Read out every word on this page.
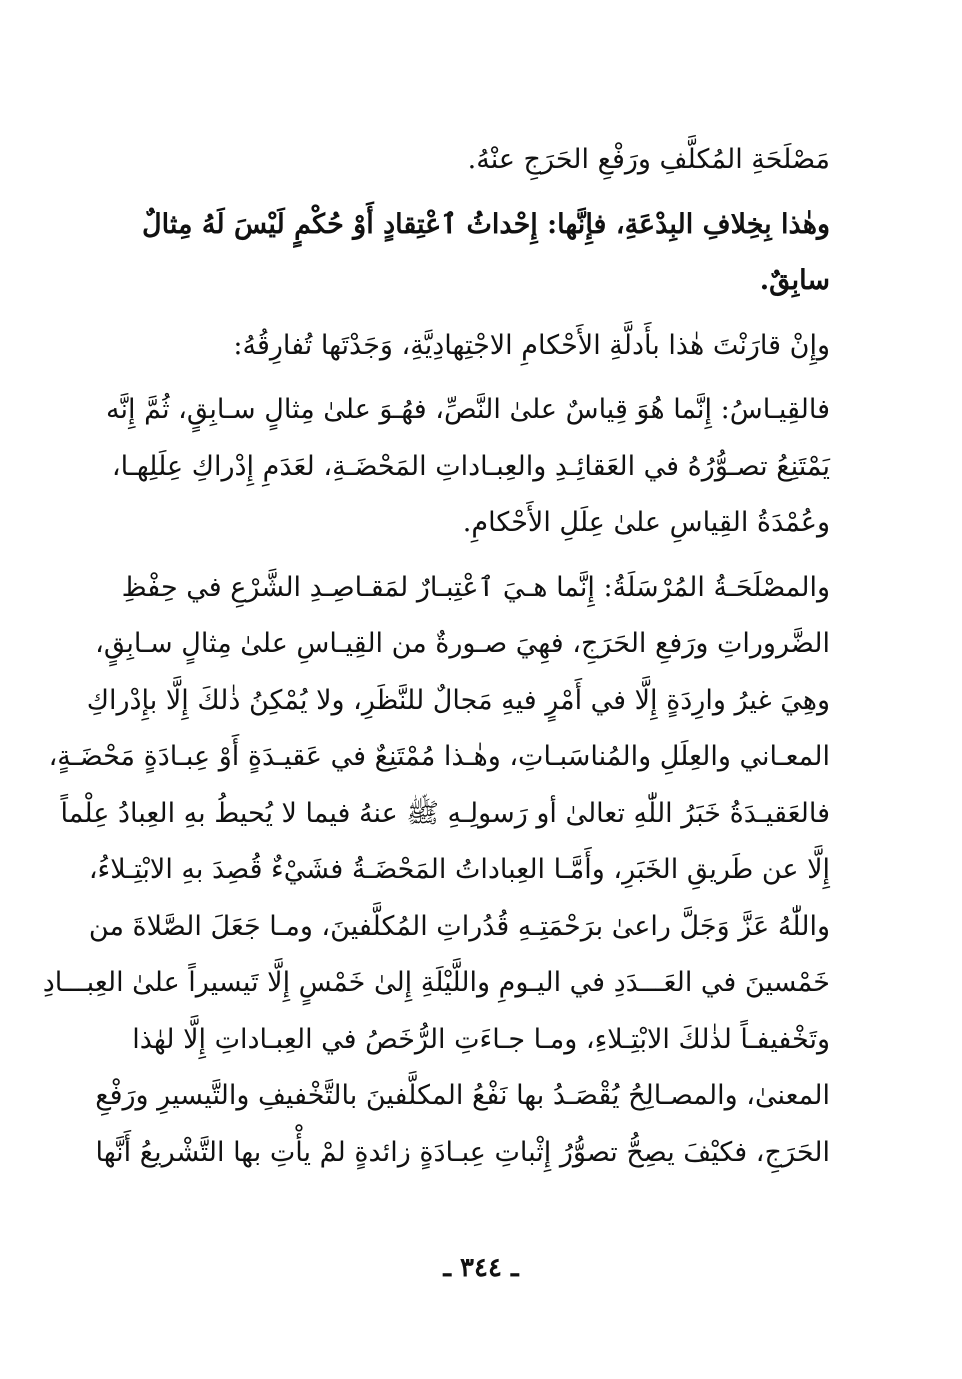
مَصْلَحَةِ المُكلَّفِ ورَفْعِ الحَرَجِ عنْهُ.
وهٰذا بِخِلافِ البِدْعَةِ، فإِنَّها: إِحْداثُ ٱعْتِقادٍ أَوْ حُكْمٍ لَيْسَ لَهُ مِثالٌ
سابِقٌ.
وإِنْ قارَنْتَ هٰذا بأَدلَّةِ الأَحْكامِ الاجْتِهادِيَّةِ، وَجَدْتَها تُفارِقُهُ:
فالقِيـاسُ: إِنَّما هُوَ قِياسٌ علىٰ النَّصِّ، فهُـوَ علىٰ مِثالٍ سـابِقٍ، ثُمَّ إِنَّه
يَمْتَنِعُ تصـوُّرُهُ في العَقائِـدِ والعِبـاداتِ المَحْضَـةِ، لعَدَمِ إِدْراكِ عِلَلِهـا،
وعُمْدَةُ القِياسِ علىٰ عِلَلِ الأَحْكامِ.
والمصْلَحَـةُ المُرْسَلَةُ: إِنَّما هـيَ ٱعْتِبـارٌ لمَقـاصِـدِ الشَّرْعِ في حِفْظِ
الضَّروراتِ ورَفعِ الحَرَجِ، فهِيَ صـورةٌ من القِيـاسِ علىٰ مِثالٍ سـابِقٍ،
وهِيَ غيرُ وارِدَةٍ إِلَّا في أَمْرٍ فيهِ مَجالٌ للنَّظَرِ، ولا يُمْكِنُ ذٰلكَ إِلَّا بإِدْراكِ
المعـاني والعِلَلِ والمُناسَبـاتِ، وهٰـذا مُمْتَنِعٌ في عَقيـدَةٍ أَوْ عِبـادَةٍ مَحْضَـةٍ،
فالعَقيـدَةُ خَبَرُ اللّٰهِ تعالىٰ أو رَسولِـهِ ﷺ عنهُ فيما لا يُحيطُ بهِ العِبادُ عِلْماً
إِلَّا عن طَريقِ الخَبَرِ، وأَمَّـا العِباداتُ المَحْضَـةُ فشَيْءٌ قُصِدَ بهِ الابْتِـلاءُ،
واللّٰهُ عَزَّ وَجَلَّ راعىٰ برَحْمَتِـهِ قُدُراتِ المُكلَّفينَ، ومـا جَعَلَ الصَّلاةَ من
خَمْسينَ في العَـــدَدِ في اليـومِ واللَّيْلَةِ إِلىٰ خَمْسٍ إِلَّا تَيسيراً علىٰ العِبـــادِ
وتَخْفيفـاً لذٰلكَ الابْتِـلاءِ، ومـا جـاءَتِ الرُّخَصُ في العِبـاداتِ إِلَّا لهٰذا
المعنىٰ، والمصـالِحُ يُقْصَـدُ بها نَفْعُ المكلَّفينَ بالتَّخْفيفِ والتَّيسيرِ ورَفْعِ
الحَرَجِ، فكيْفَ يصِحُّ تصوُّرُ إِثْباتِ عِبـادَةٍ زائدةٍ لمْ يأْتِ بها التَّشْريعُ أَنَّها
ـ ٣٤٤ ـ
